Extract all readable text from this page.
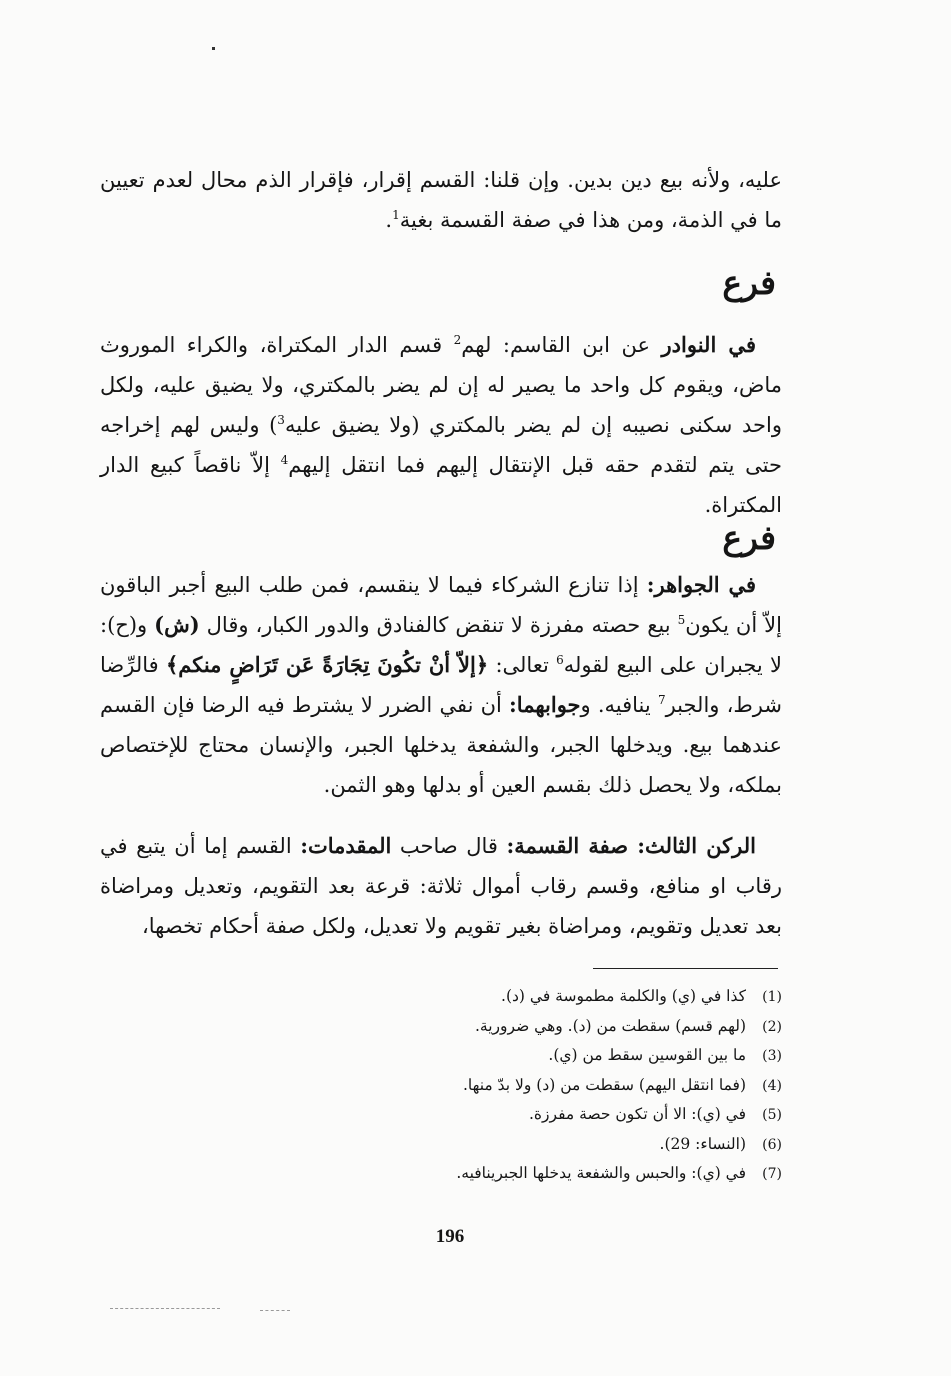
عليه، ولأنه بيع دين بدين. وإن قلنا: القسم إقرار، فإقرار الذم محال لعدم تعيين ما في الذمة، ومن هذا في صفة القسمة بغية$^1$.

فرع

في النوادر عن ابن القاسم: لهم$^2$ قسم الدار المكتراة، والكراء الموروث ماض، ويقوم كل واحد ما يصير له إن لم يضر بالمكتري، ولا يضيق عليه، ولكل واحد سكنى نصيبه إن لم يضر بالمكتري (ولا يضيق عليه$^3$) وليس لهم إخراجه حتى يتم لتقدم حقه قبل الإنتقال إليهم فما انتقل إليهم$^4$ إلاّ ناقصاً كبيع الدار المكتراة.

فرع

في الجواهر: إذا تنازع الشركاء فيما لا ينقسم، فمن طلب البيع أجبر الباقون إلاّ أن يكون$^5$ بيع حصته مفرزة لا تنقض كالفنادق والدور الكبار، وقال (ش) و(ح): لا يجبران على البيع لقوله$^6$ تعالى: ﴿إلاّ أنْ تكُونَ تِجَارَةً عَن تَرَاضٍ منكم﴾ فالرِّضا شرط، والجبر$^7$ ينافيه. وجوابهما: أن نفي الضرر لا يشترط فيه الرضا فإن القسم عندهما بيع. ويدخلها الجبر، والشفعة يدخلها الجبر، والإنسان محتاج للإختصاص بملكه، ولا يحصل ذلك بقسم العين أو بدلها وهو الثمن.

الركن الثالث: صفة القسمة: قال صاحب المقدمات: القسم إما أن يتبع في رقاب او منافع، وقسم رقاب أموال ثلاثة: قرعة بعد التقويم، وتعديل ومراضاة بعد تعديل وتقويم، ومراضاة بغير تقويم ولا تعديل، ولكل صفة أحكام تخصها،

(1)
كذا في (ي) والكلمة مطموسة في (د).
(2)
(لهم قسم) سقطت من (د). وهي ضرورية.
(3)
ما بين القوسين سقط من (ي).
(4)
(فما انتقل اليهم) سقطت من (د) ولا بدّ منها.
(5)
في (ي): الا أن تكون حصة مفرزة.
(6)
(النساء: 29).
(7)
في (ي): والحبس والشفعة يدخلها الجبرينافيه.
196
